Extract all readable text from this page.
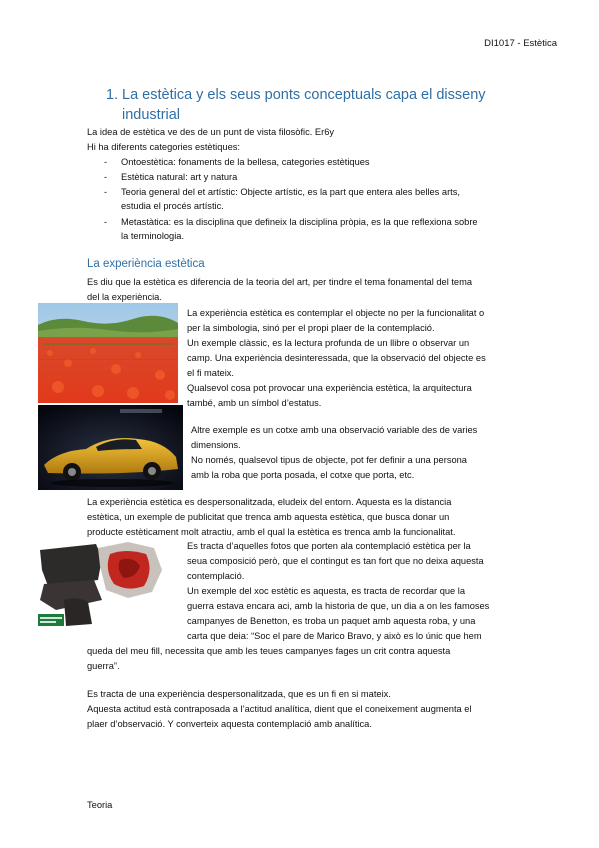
DI1017 - Estètica
1. La estètica y els seus ponts conceptuals capa el disseny
industrial
La idea de estètica ve des de un punt de vista filosòfic. Er6y
Hi ha diferents categories estètiques:
- Ontoestètica: fonaments de la bellesa, categories estètiques
- Estètica natural: art y natura
- Teoria general del et artístic: Objecte artístic, es la part que entera ales belles arts,
estudia el procés artístic.
- Metastàtica: es la disciplina que defineix la disciplina pròpia, es la que reflexiona sobre
la terminologia.
La experiència estètica
Es diu que la estètica es diferencia de la teoria del art, per tindre el tema fonamental del tema
del la experiència.
La experiència estètica es contemplar el objecte no per la funcionalitat o
per la simbologia, sinó per el propi plaer de la contemplació.
Un exemple clàssic, es la lectura profunda de un llibre o observar un
camp. Una experiència desinteressada, que la observació del objecte es
el fi mateix.
Qualsevol cosa pot provocar una experiència estètica, la arquitectura
també, amb un símbol d’estatus.
Altre exemple es un cotxe amb una observació variable des de varies
dimensions.
No només, qualsevol tipus de objecte, pot fer definir a una persona
amb la roba que porta posada, el cotxe que porta, etc.
La experiència estètica es despersonalitzada, eludeix del entorn. Aquesta es la distancia
estètica, un exemple de publicitat que trenca amb aquesta estètica, que busca donar un
producte estèticament molt atractiu, amb el qual la estètica es trenca amb la funcionalitat.
Es tracta d’aquelles fotos que porten ala contemplació estètica per la
seua composició però, que el contingut es tan fort que no deixa aquesta
contemplació.
Un exemple del xoc estètic es aquesta, es tracta de recordar que la
guerra estava encara aci, amb la historia de que, un dia a on les famoses
campanyes de Benetton, es troba un paquet amb aquesta roba, y una
carta que deia: “Soc el pare de Marico Bravo, y això es lo únic que hem
queda del meu fill, necessita que amb les teues campanyes fages un crit contra aquesta
guerra”.
Es tracta de una experiència despersonalitzada, que es un fi en si mateix.
Aquesta actitud està contraposada a l’actitud analítica, dient que el coneixement augmenta el
plaer d’observació. Y converteix aquesta contemplació amb analítica.
Teoria
